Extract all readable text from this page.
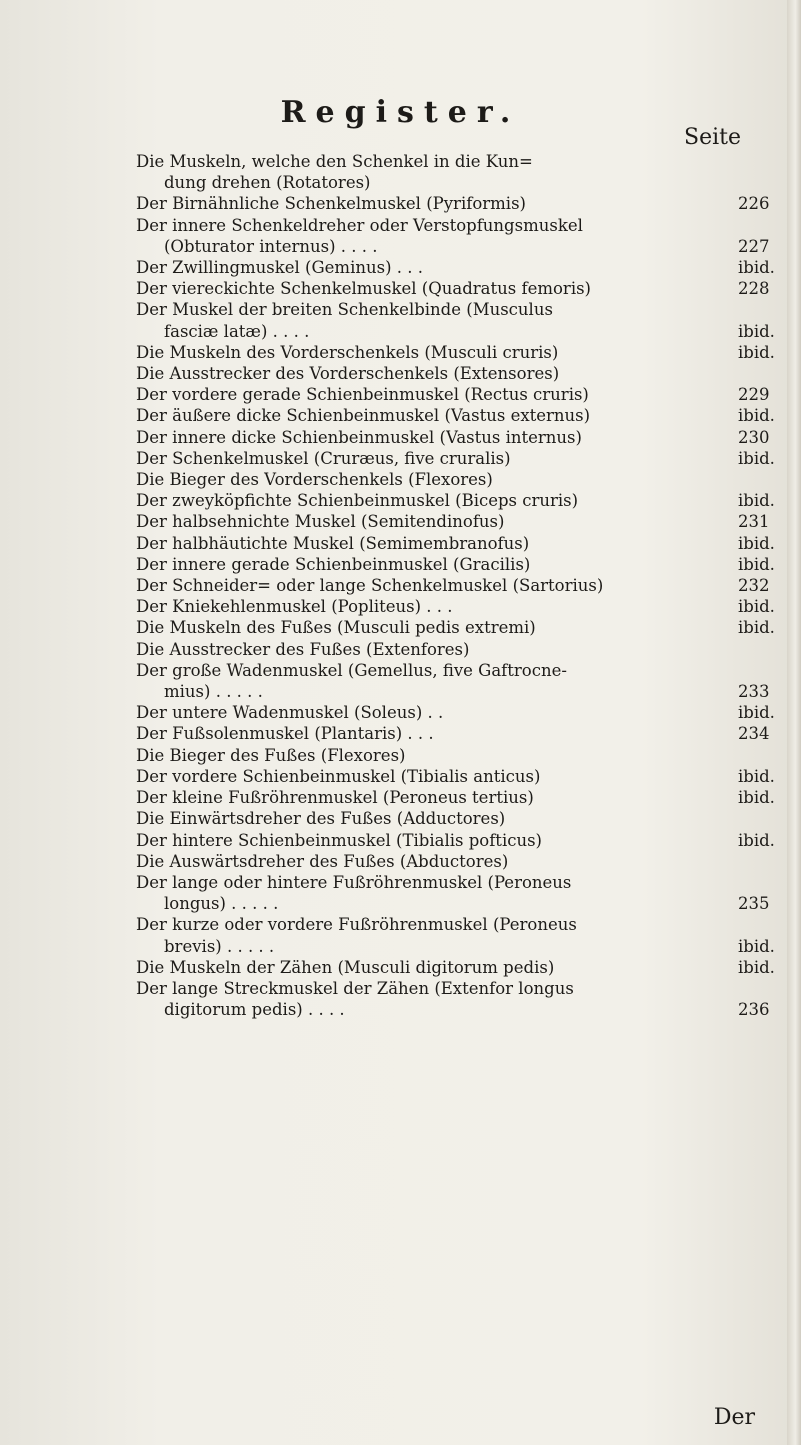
Register.
Seite
Die Muskeln, welche den Schenkel in die Kun=
dung drehen (Rotatores)
Der Birnähnliche Schenkelmuskel (Pyriformis)	226
Der innere Schenkeldreher oder Verstopfungsmuskel
(Obturator internus) . . . .	227
Der Zwillingmuskel (Geminus) . . .	ibid.
Der viereckichte Schenkelmuskel (Quadratus femoris)	228
Der Muskel der breiten Schenkelbinde (Musculus
fasciæ latæ) . . . .	ibid.
Die Muskeln des Vorderschenkels (Musculi cruris)	ibid.
Die Ausstrecker des Vorderschenkels (Extensores)
Der vordere gerade Schienbeinmuskel (Rectus cruris)	229
Der äußere dicke Schienbeinmuskel (Vastus externus)	ibid.
Der innere dicke Schienbeinmuskel (Vastus internus)	230
Der Schenkelmuskel (Cruræus, five cruralis)	ibid.
Die Bieger des Vorderschenkels (Flexores)
Der zweyköpfichte Schienbeinmuskel (Biceps cruris)	ibid.
Der halbsehnichte Muskel (Semitendinofus)	231
Der halbhäutichte Muskel (Semimembranofus)	ibid.
Der innere gerade Schienbeinmuskel (Gracilis)	ibid.
Der Schneider= oder lange Schenkelmuskel (Sartorius)	232
Der Kniekehlenmuskel (Popliteus) . . .	ibid.
Die Muskeln des Fußes (Musculi pedis extremi)	ibid.
Die Ausstrecker des Fußes (Extenfores)
Der große Wadenmuskel (Gemellus, five Gaftrocne-
mius) . . . . .	233
Der untere Wadenmuskel (Soleus) . .	ibid.
Der Fußsolenmuskel (Plantaris) . . .	234
Die Bieger des Fußes (Flexores)
Der vordere Schienbeinmuskel (Tibialis anticus)	ibid.
Der kleine Fußröhrenmuskel (Peroneus tertius)	ibid.
Die Einwärtsdreher des Fußes (Adductores)
Der hintere Schienbeinmuskel (Tibialis pofticus)	ibid.
Die Auswärtsdreher des Fußes (Abductores)
Der lange oder hintere Fußröhrenmuskel (Peroneus
longus) . . . . .	235
Der kurze oder vordere Fußröhrenmuskel (Peroneus
brevis) . . . . .	ibid.
Die Muskeln der Zähen (Musculi digitorum pedis)	ibid.
Der lange Streckmuskel der Zähen (Extenfor longus
digitorum pedis) . . . .	236
Der
